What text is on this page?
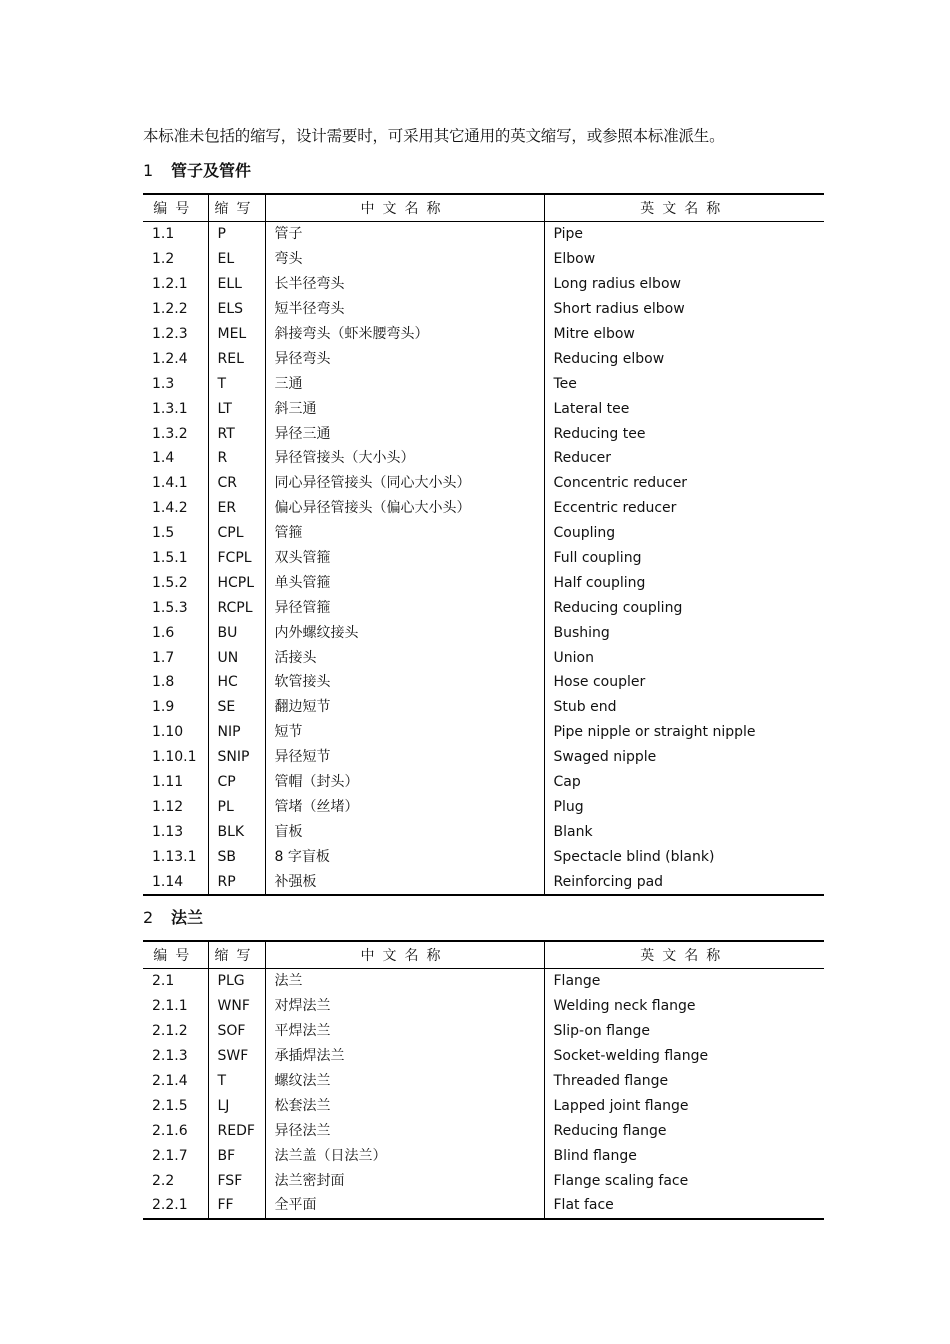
本标准未包括的缩写，设计需要时，可采用其它通用的英文缩写，或参照本标准派生。
1 管子及管件
编号	缩写	中文名称	英文名称
1.1	P	管子	Pipe
1.2	EL	弯头	Elbow
1.2.1	ELL	长半径弯头	Long radius elbow
1.2.2	ELS	短半径弯头	Short radius elbow
1.2.3	MEL	斜接弯头（虾米腰弯头）	Mitre elbow
1.2.4	REL	异径弯头	Reducing elbow
1.3	T	三通	Tee
1.3.1	LT	斜三通	Lateral tee
1.3.2	RT	异径三通	Reducing tee
1.4	R	异径管接头（大小头）	Reducer
1.4.1	CR	同心异径管接头（同心大小头）	Concentric reducer
1.4.2	ER	偏心异径管接头（偏心大小头）	Eccentric reducer
1.5	CPL	管箍	Coupling
1.5.1	FCPL	双头管箍	Full coupling
1.5.2	HCPL	单头管箍	Half coupling
1.5.3	RCPL	异径管箍	Reducing coupling
1.6	BU	内外螺纹接头	Bushing
1.7	UN	活接头	Union
1.8	HC	软管接头	Hose coupler
1.9	SE	翻边短节	Stub end
1.10	NIP	短节	Pipe nipple or straight nipple
1.10.1	SNIP	异径短节	Swaged nipple
1.11	CP	管帽（封头）	Cap
1.12	PL	管堵（丝堵）	Plug
1.13	BLK	盲板	Blank
1.13.1	SB	8 字盲板	Spectacle blind (blank)
1.14	RP	补强板	Reinforcing pad
2 法兰
编号	缩写	中文名称	英文名称
2.1	PLG	法兰	Flange
2.1.1	WNF	对焊法兰	Welding neck flange
2.1.2	SOF	平焊法兰	Slip-on flange
2.1.3	SWF	承插焊法兰	Socket-welding flange
2.1.4	T	螺纹法兰	Threaded flange
2.1.5	LJ	松套法兰	Lapped joint flange
2.1.6	REDF	异径法兰	Reducing flange
2.1.7	BF	法兰盖（日法兰）	Blind flange
2.2	FSF	法兰密封面	Flange scaling face
2.2.1	FF	全平面	Flat face
